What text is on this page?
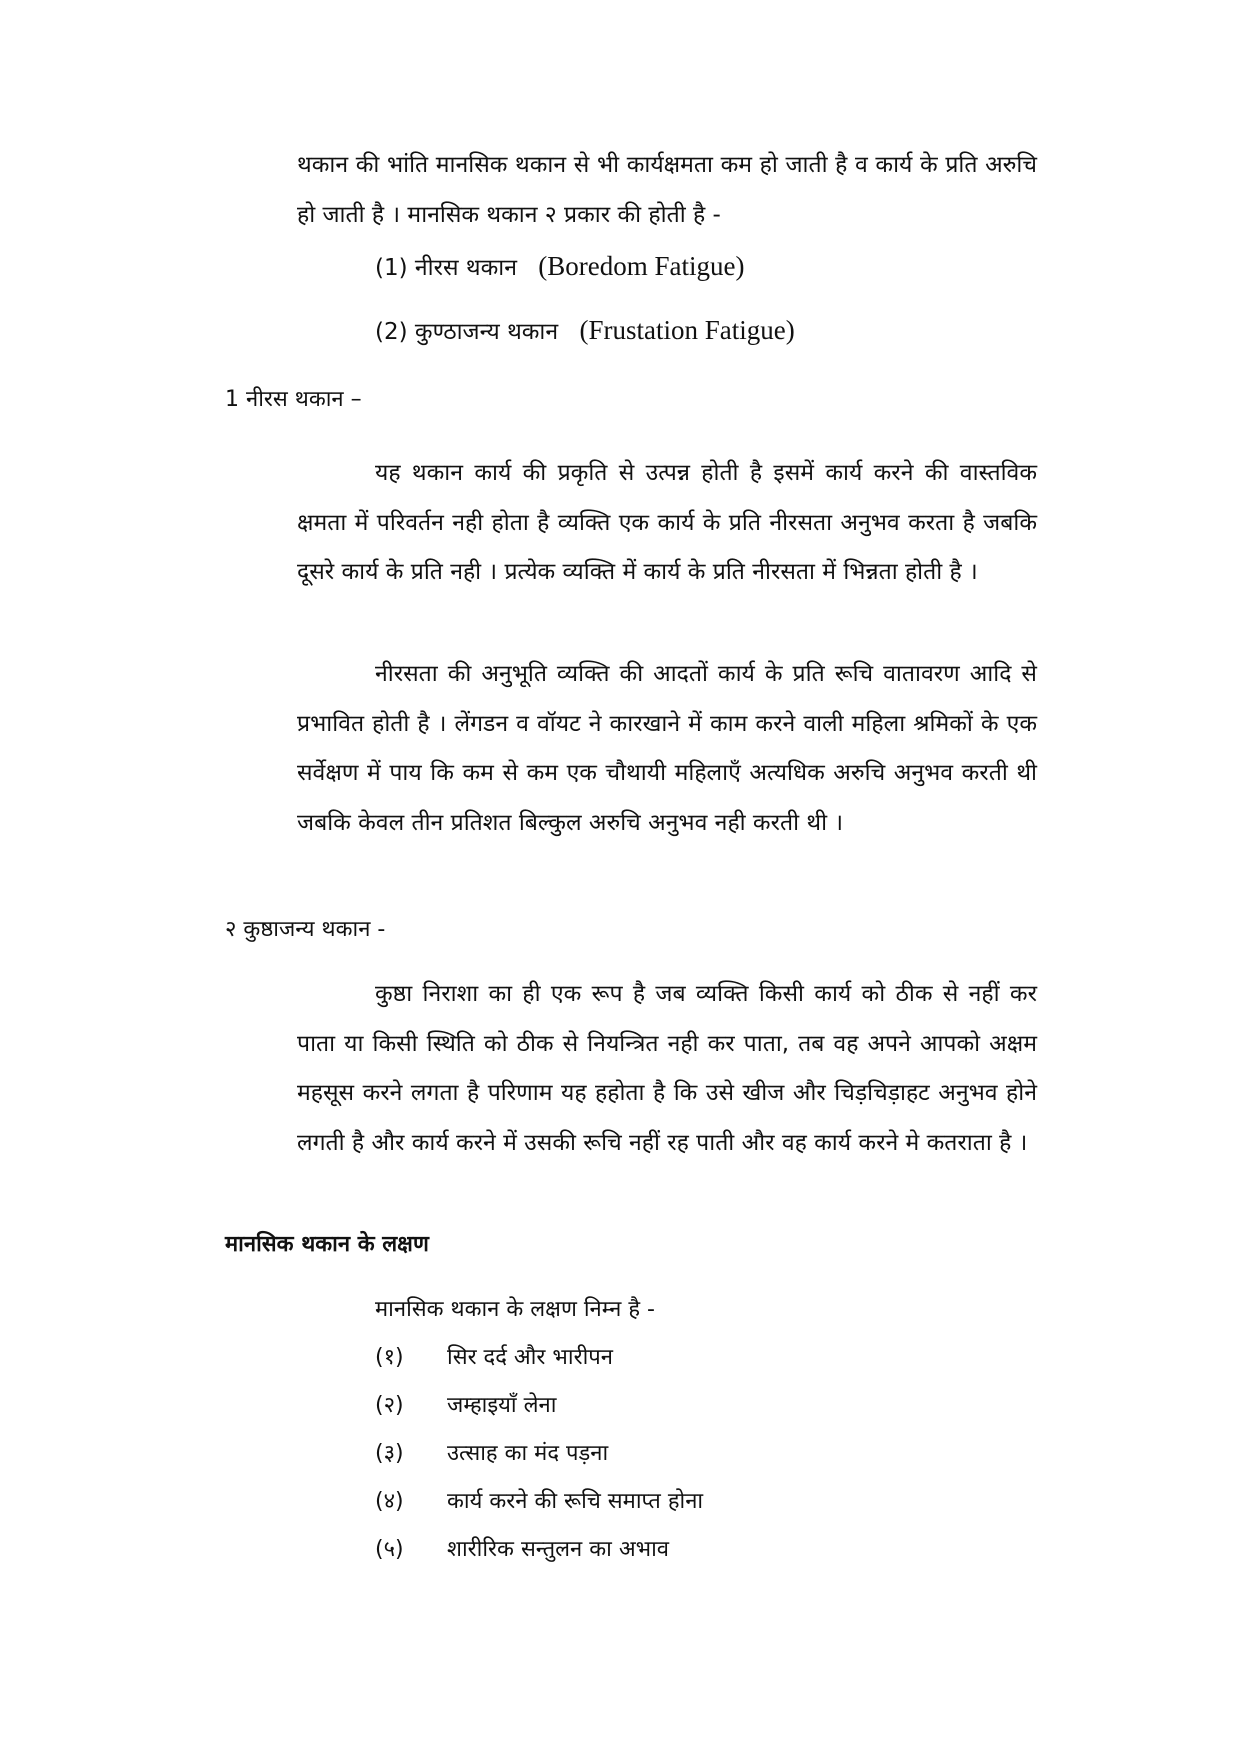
थकान की भांति मानसिक थकान से भी कार्यक्षमता कम हो जाती है व कार्य के प्रति अरुचि हो जाती है । मानसिक थकान २ प्रकार की होती है -

(1) नीरस थकान (Boredom Fatigue)
(2) कुण्ठाजन्य थकान (Frustation Fatigue)
1 नीरस थकान –

यह थकान कार्य की प्रकृति से उत्पन्न होती है इसमें कार्य करने की वास्तविक क्षमता में परिवर्तन नही होता है व्यक्ति एक कार्य के प्रति नीरसता अनुभव करता है जबकि दूसरे कार्य के प्रति नही । प्रत्येक व्यक्ति में कार्य के प्रति नीरसता में भिन्नता होती है ।

नीरसता की अनुभूति व्यक्ति की आदतों कार्य के प्रति रूचि वातावरण आदि से प्रभावित होती है । लेंगडन व वॉयट ने कारखाने में काम करने वाली महिला श्रमिकों के एक सर्वेक्षण में पाय कि कम से कम एक चौथायी महिलाऍं अत्यधिक अरुचि अनुभव करती थी जबकि केवल तीन प्रतिशत बिल्कुल अरुचि अनुभव नही करती थी ।

२ कुष्ठाजन्य थकान -

कुष्ठा निराशा का ही एक रूप है जब व्यक्ति किसी कार्य को ठीक से नहीं कर पाता या किसी स्थिति को ठीक से नियन्त्रित नही कर पाता, तब वह अपने आपको अक्षम महसूस करने लगता है परिणाम यह हहोता है कि उसे खीज और चिड़चिड़ाहट अनुभव होने लगती है और कार्य करने में उसकी रूचि नहीं रह पाती और वह कार्य करने मे कतराता है ।

मानसिक थकान के लक्षण
मानसिक थकान के लक्षण निम्न है -
(१) सिर दर्द और भारीपन
(२) जम्हाइयॉं लेना
(३) उत्साह का मंद पड़ना
(४) कार्य करने की रूचि समाप्त होना
(५) शारीरिक सन्तुलन का अभाव
